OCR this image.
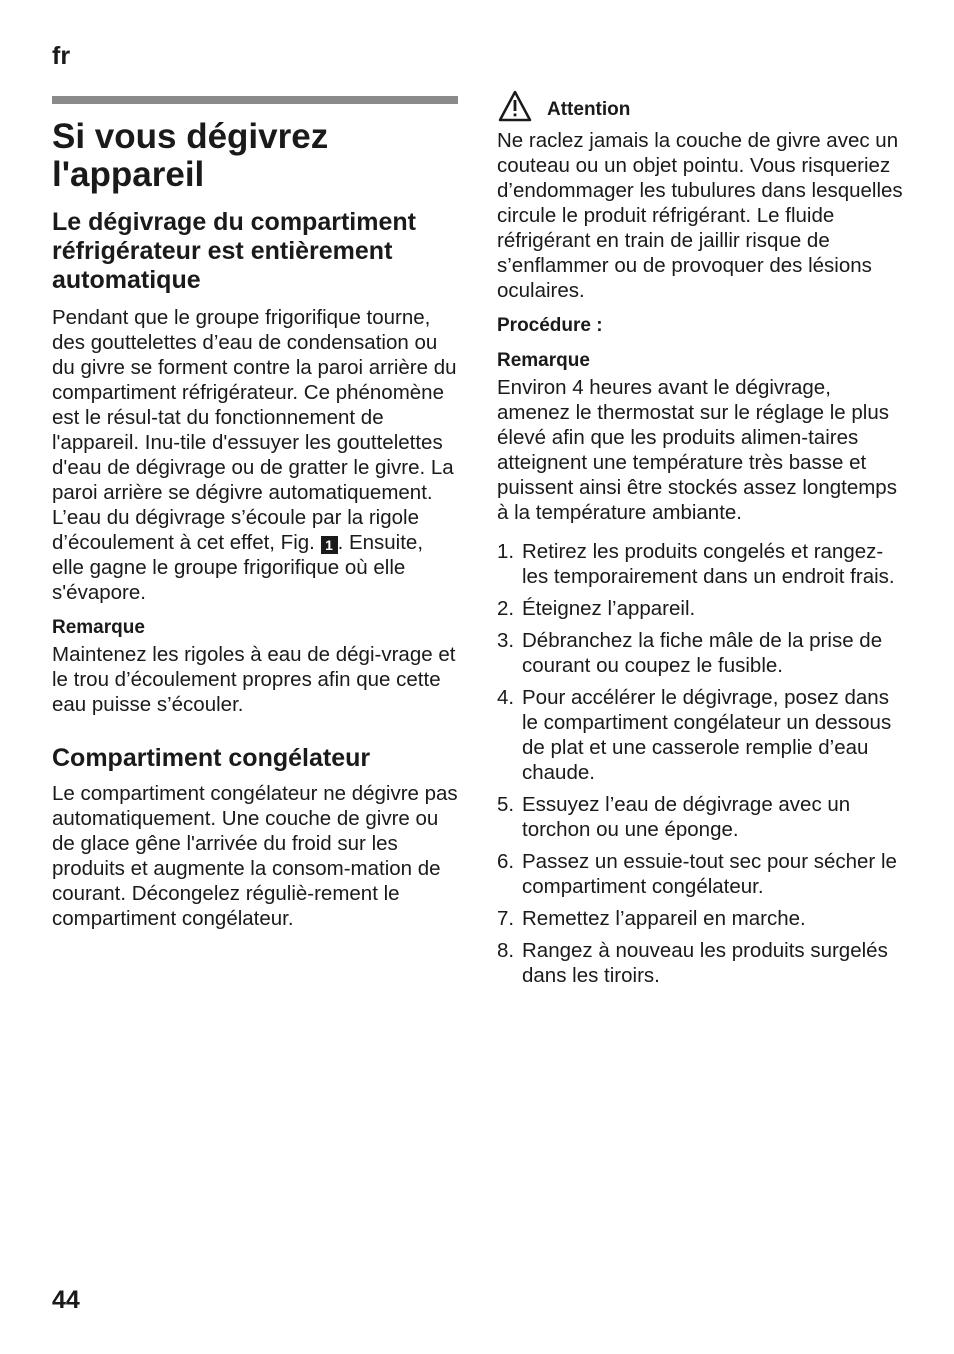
fr
Si vous dégivrez l'appareil
Le dégivrage du compartiment réfrigérateur est entièrement automatique

Pendant que le groupe frigorifique tourne, des gouttelettes d’eau de condensation ou du givre se forment contre la paroi arrière du compartiment réfrigérateur. Ce phénomène est le résul-tat du fonctionnement de l'appareil. Inu-tile d'essuyer les gouttelettes d'eau de dégivrage ou de gratter le givre. La paroi arrière se dégivre automatiquement. L’eau du dégivrage s’écoule par la rigole d’écoulement à cet effet, Fig. 1 . Ensuite, elle gagne le groupe frigorifique où elle s'évapore.

Remarque

Maintenez les rigoles à eau de dégi-vrage et le trou d’écoulement propres afin que cette eau puisse s’écouler.

Compartiment congélateur

Le compartiment congélateur ne dégivre pas automatiquement. Une couche de givre ou de glace gêne l'arrivée du froid sur les produits et augmente la consom-mation de courant. Décongelez réguliè-rement le compartiment congélateur.

Attention

Ne raclez jamais la couche de givre avec un couteau ou un objet pointu. Vous risqueriez d’endommager les tubulures dans lesquelles circule le produit réfrigérant. Le fluide réfrigérant en train de jaillir risque de s’enflammer ou de provoquer des lésions oculaires.

Procédure :
Remarque

Environ 4 heures avant le dégivrage, amenez le thermostat sur le réglage le plus élevé afin que les produits alimen-taires atteignent une température très basse et puissent ainsi être stockés assez longtemps à la température ambiante.

1. Retirez les produits congelés et rangez-les temporairement dans un endroit frais.
2. Éteignez l’appareil.
3. Débranchez la fiche mâle de la prise de courant ou coupez le fusible.
4. Pour accélérer le dégivrage, posez dans le compartiment congélateur un dessous de plat et une casserole remplie d’eau chaude.
5. Essuyez l’eau de dégivrage avec un torchon ou une éponge.
6. Passez un essuie-tout sec pour sécher le compartiment congélateur.
7. Remettez l’appareil en marche.
8. Rangez à nouveau les produits surgelés dans les tiroirs.
44
